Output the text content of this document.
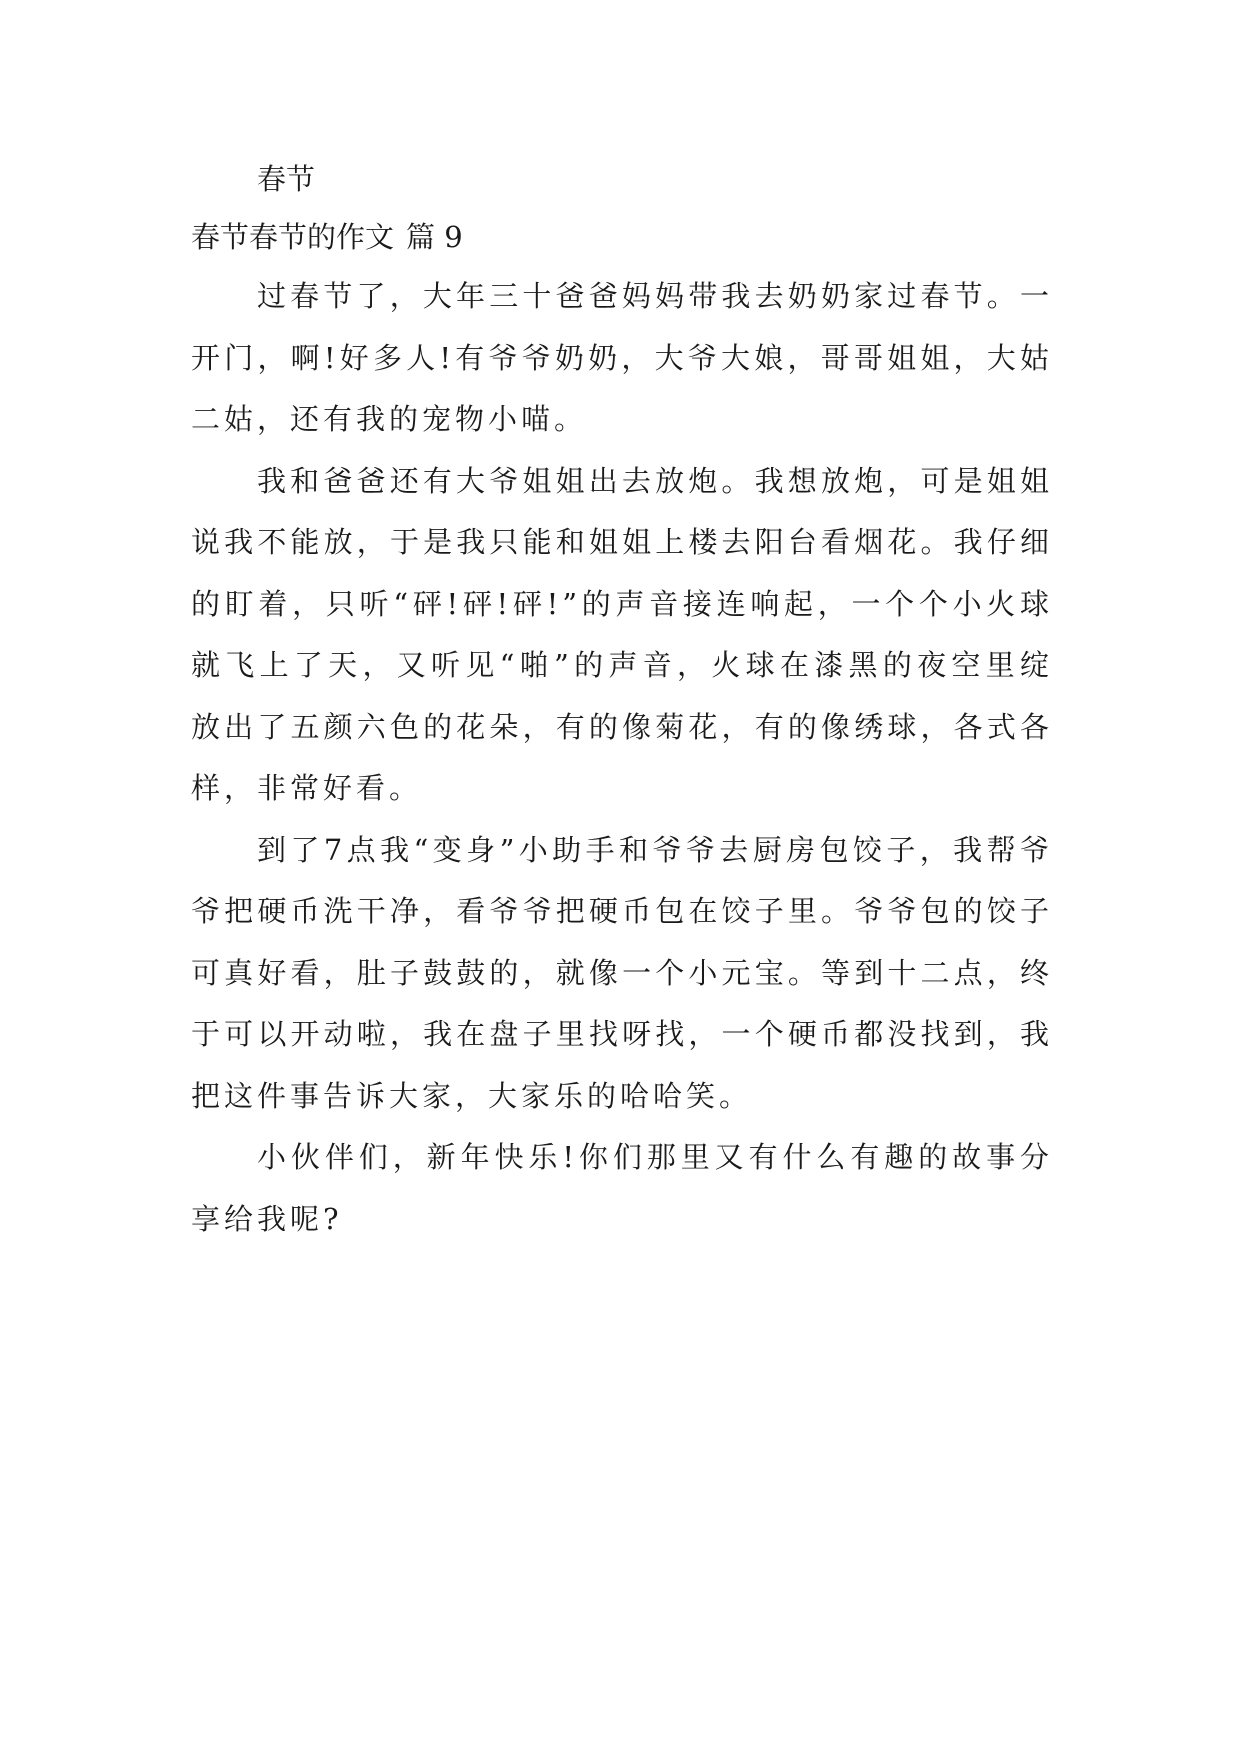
春节
春节春节的作文 篇 9

过春节了，大年三十爸爸妈妈带我去奶奶家过春节。一开门，啊!好多人!有爷爷奶奶，大爷大娘，哥哥姐姐，大姑二姑，还有我的宠物小喵。

我和爸爸还有大爷姐姐出去放炮。我想放炮，可是姐姐说我不能放，于是我只能和姐姐上楼去阳台看烟花。我仔细的盯着，只听“砰!砰!砰!”的声音接连响起，一个个小火球就飞上了天，又听见“啪”的声音，火球在漆黑的夜空里绽放出了五颜六色的花朵，有的像菊花，有的像绣球，各式各样，非常好看。

到了7点我“变身”小助手和爷爷去厨房包饺子，我帮爷爷把硬币洗干净，看爷爷把硬币包在饺子里。爷爷包的饺子可真好看，肚子鼓鼓的，就像一个小元宝。等到十二点，终于可以开动啦，我在盘子里找呀找，一个硬币都没找到，我把这件事告诉大家，大家乐的哈哈笑。

小伙伴们，新年快乐!你们那里又有什么有趣的故事分享给我呢?
